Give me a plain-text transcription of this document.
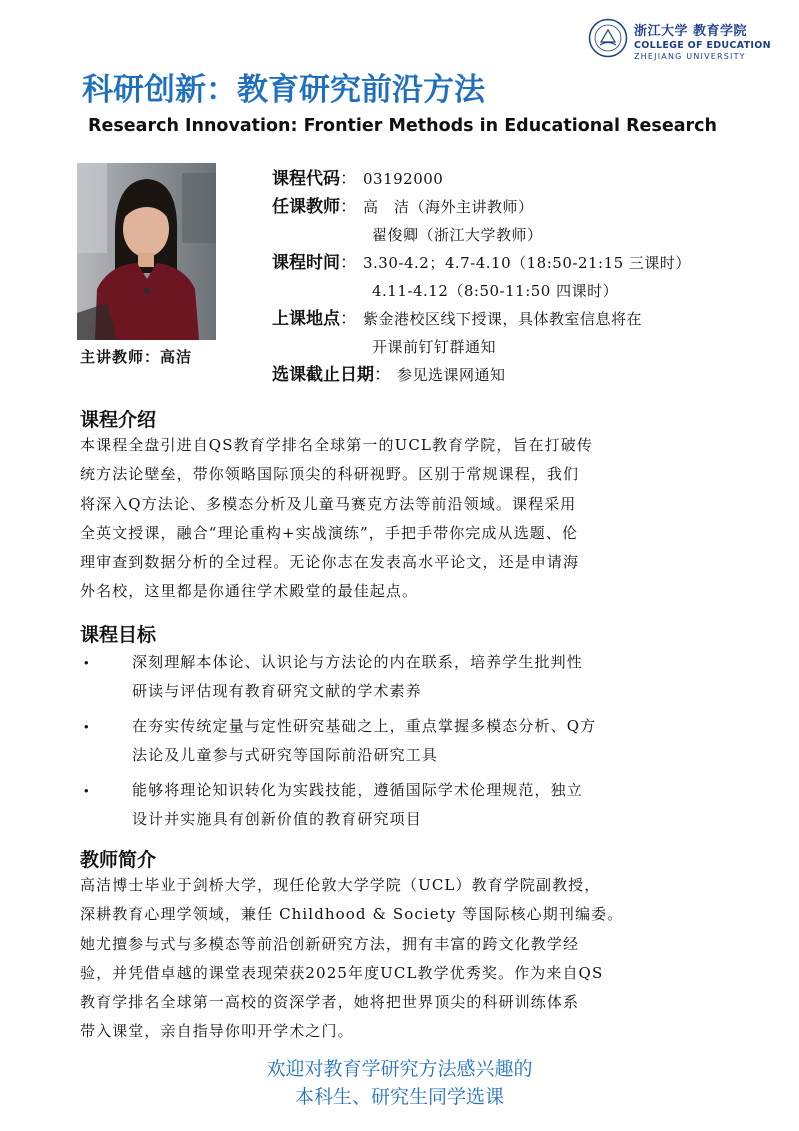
浙江大学 教育学院
COLLEGE OF EDUCATION
ZHEJIANG UNIVERSITY
科研创新：教育研究前沿方法
Research Innovation: Frontier Methods in Educational Research
主讲教师：高洁
课程代码 ： 03192000
任课教师 ： 高　洁（海外主讲教师）
翟俊卿（浙江大学教师）
课程时间 ： 3.30-4.2；4.7-4.10（18:50-21:15 三课时）
4.11-4.12（8:50-11:50 四课时）
上课地点 ： 紫金港校区线下授课，具体教室信息将在
开课前钉钉群通知
选课截止日期 ： 参见选课网通知
课程介绍

本课程全盘引进自QS教育学排名全球第一的UCL教育学院，旨在打破传

统方法论壁垒，带你领略国际顶尖的科研视野。区别于常规课程，我们

将深入Q方法论、多模态分析及儿童马赛克方法等前沿领域。课程采用

全英文授课，融合“理论重构+实战演练”，手把手带你完成从选题、伦

理审查到数据分析的全过程。无论你志在发表高水平论文，还是申请海

外名校，这里都是你通往学术殿堂的最佳起点。

课程目标
•	深刻理解本体论、认识论与方法论的内在联系，培养学生批判性

研读与评估现有教育研究文献的学术素养

•	在夯实传统定量与定性研究基础之上，重点掌握多模态分析、Q方

法论及儿童参与式研究等国际前沿研究工具

•	能够将理论知识转化为实践技能，遵循国际学术伦理规范，独立

设计并实施具有创新价值的教育研究项目

教师简介

高洁博士毕业于剑桥大学，现任伦敦大学学院（UCL）教育学院副教授，

深耕教育心理学领域，兼任 Childhood & Society 等国际核心期刊编委。

她尤擅参与式与多模态等前沿创新研究方法，拥有丰富的跨文化教学经

验，并凭借卓越的课堂表现荣获2025年度UCL教学优秀奖。作为来自QS

教育学排名全球第一高校的资深学者，她将把世界顶尖的科研训练体系

带入课堂，亲自指导你叩开学术之门。

欢迎对教育学研究方法感兴趣的

本科生、研究生同学选课
